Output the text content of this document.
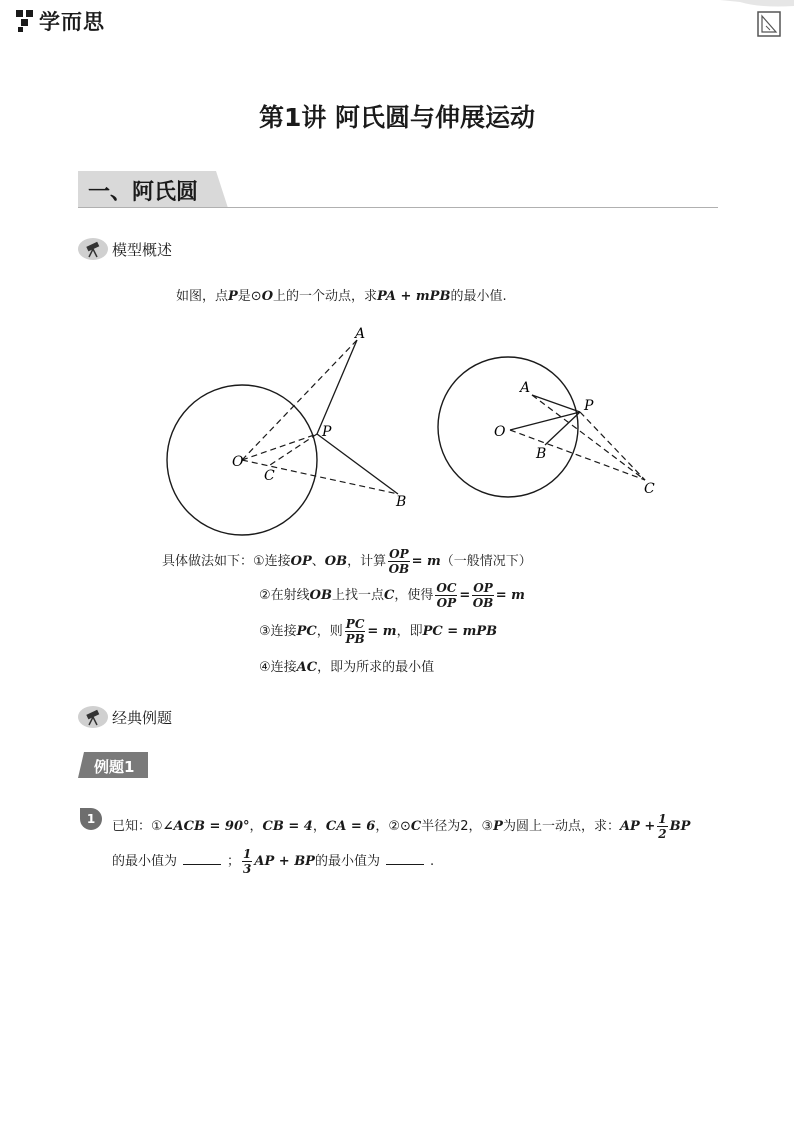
学而思
第1讲 阿氏圆与伸展运动
一、阿氏圆
模型概述
如图，点P是⊙O上的一个动点，求PA + mPB的最小值.
A
P
O
C
B
A
P
O
B
C
具体做法如下：①连接OP、OB，计算 $\frac{OP}{OB} = m$（一般情况下）
②在射线OB上找一点C，使得 $\frac{OC}{OP} = \frac{OP}{OB} = m$
③连接PC，则 $\frac{PC}{PB} = m$，即PC = mPB
④连接AC，即为所求的最小值
经典例题
例题1
1 已知：①∠ACB = 90°，CB = 4，CA = 6，②⊙C半径为2，③P为圆上一动点，求：AP + $\frac{1}{2}$ BP
的最小值为	； $\frac{1}{3}$ AP + BP的最小值为	.
